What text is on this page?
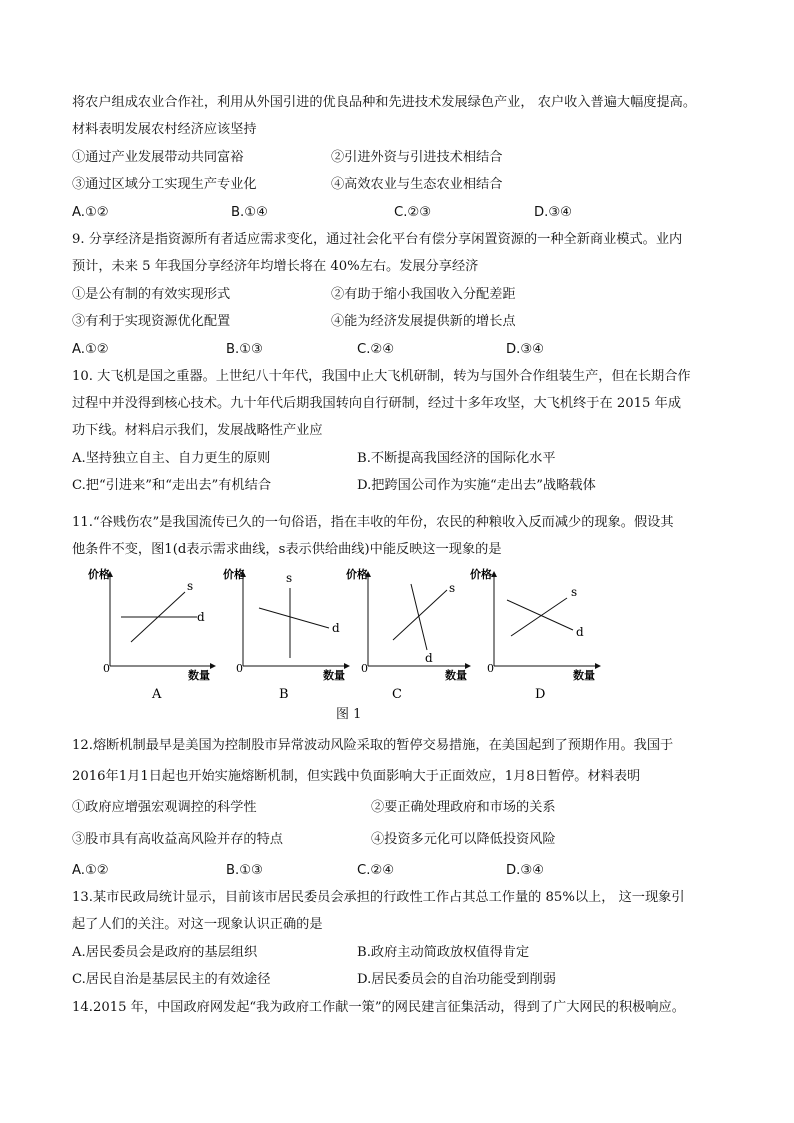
将农户组成农业合作社，利用从外国引进的优良品种和先进技术发展绿色产业， 农户收入普遍大幅度提高。
材料表明发展农村经济应该坚持
①通过产业发展带动共同富裕	②引进外资与引进技术相结合
③通过区域分工实现生产专业化	④高效农业与生态农业相结合
A.①②	B.①④	C.②③	D.③④
9. 分享经济是指资源所有者适应需求变化，通过社会化平台有偿分享闲置资源的一种全新商业模式。业内
预计，未来 5 年我国分享经济年均增长将在 40%左右。发展分享经济
①是公有制的有效实现形式	②有助于缩小我国收入分配差距
③有利于实现资源优化配置	④能为经济发展提供新的增长点
A.①②	B.①③	C.②④	D.③④
10. 大飞机是国之重器。上世纪八十年代，我国中止大飞机研制，转为与国外合作组装生产，但在长期合作
过程中并没得到核心技术。九十年代后期我国转向自行研制，经过十多年攻坚，大飞机终于在 2015 年成
功下线。材料启示我们，发展战略性产业应
A.坚持独立自主、自力更生的原则	B.不断提高我国经济的国际化水平
C.把“引进来”和“走出去”有机结合	D.把跨国公司作为实施“走出去”战略载体
11.“谷贱伤农”是我国流传已久的一句俗语，指在丰收的年份，农民的种粮收入反而减少的现象。假设其
他条件不变，图1(d表示需求曲线，s表示供给曲线)中能反映这一现象的是
价格
0
数量
s
d
价格
0
数量
s
d
价格
0
数量
s
d
价格
0
数量
s
d
A	B	C	D
图 1
12.熔断机制最早是美国为控制股市异常波动风险采取的暂停交易措施，在美国起到了预期作用。我国于
2016年1月1日起也开始实施熔断机制，但实践中负面影响大于正面效应，1月8日暂停。材料表明
①政府应增强宏观调控的科学性	②要正确处理政府和市场的关系
③股市具有高收益高风险并存的特点	④投资多元化可以降低投资风险
A.①②	B.①③	C.②④	D.③④
13.某市民政局统计显示，目前该市居民委员会承担的行政性工作占其总工作量的 85%以上， 这一现象引
起了人们的关注。对这一现象认识正确的是
A.居民委员会是政府的基层组织	B.政府主动简政放权值得肯定
C.居民自治是基层民主的有效途径	D.居民委员会的自治功能受到削弱
14.2015 年，中国政府网发起“我为政府工作献一策”的网民建言征集活动，得到了广大网民的积极响应。
